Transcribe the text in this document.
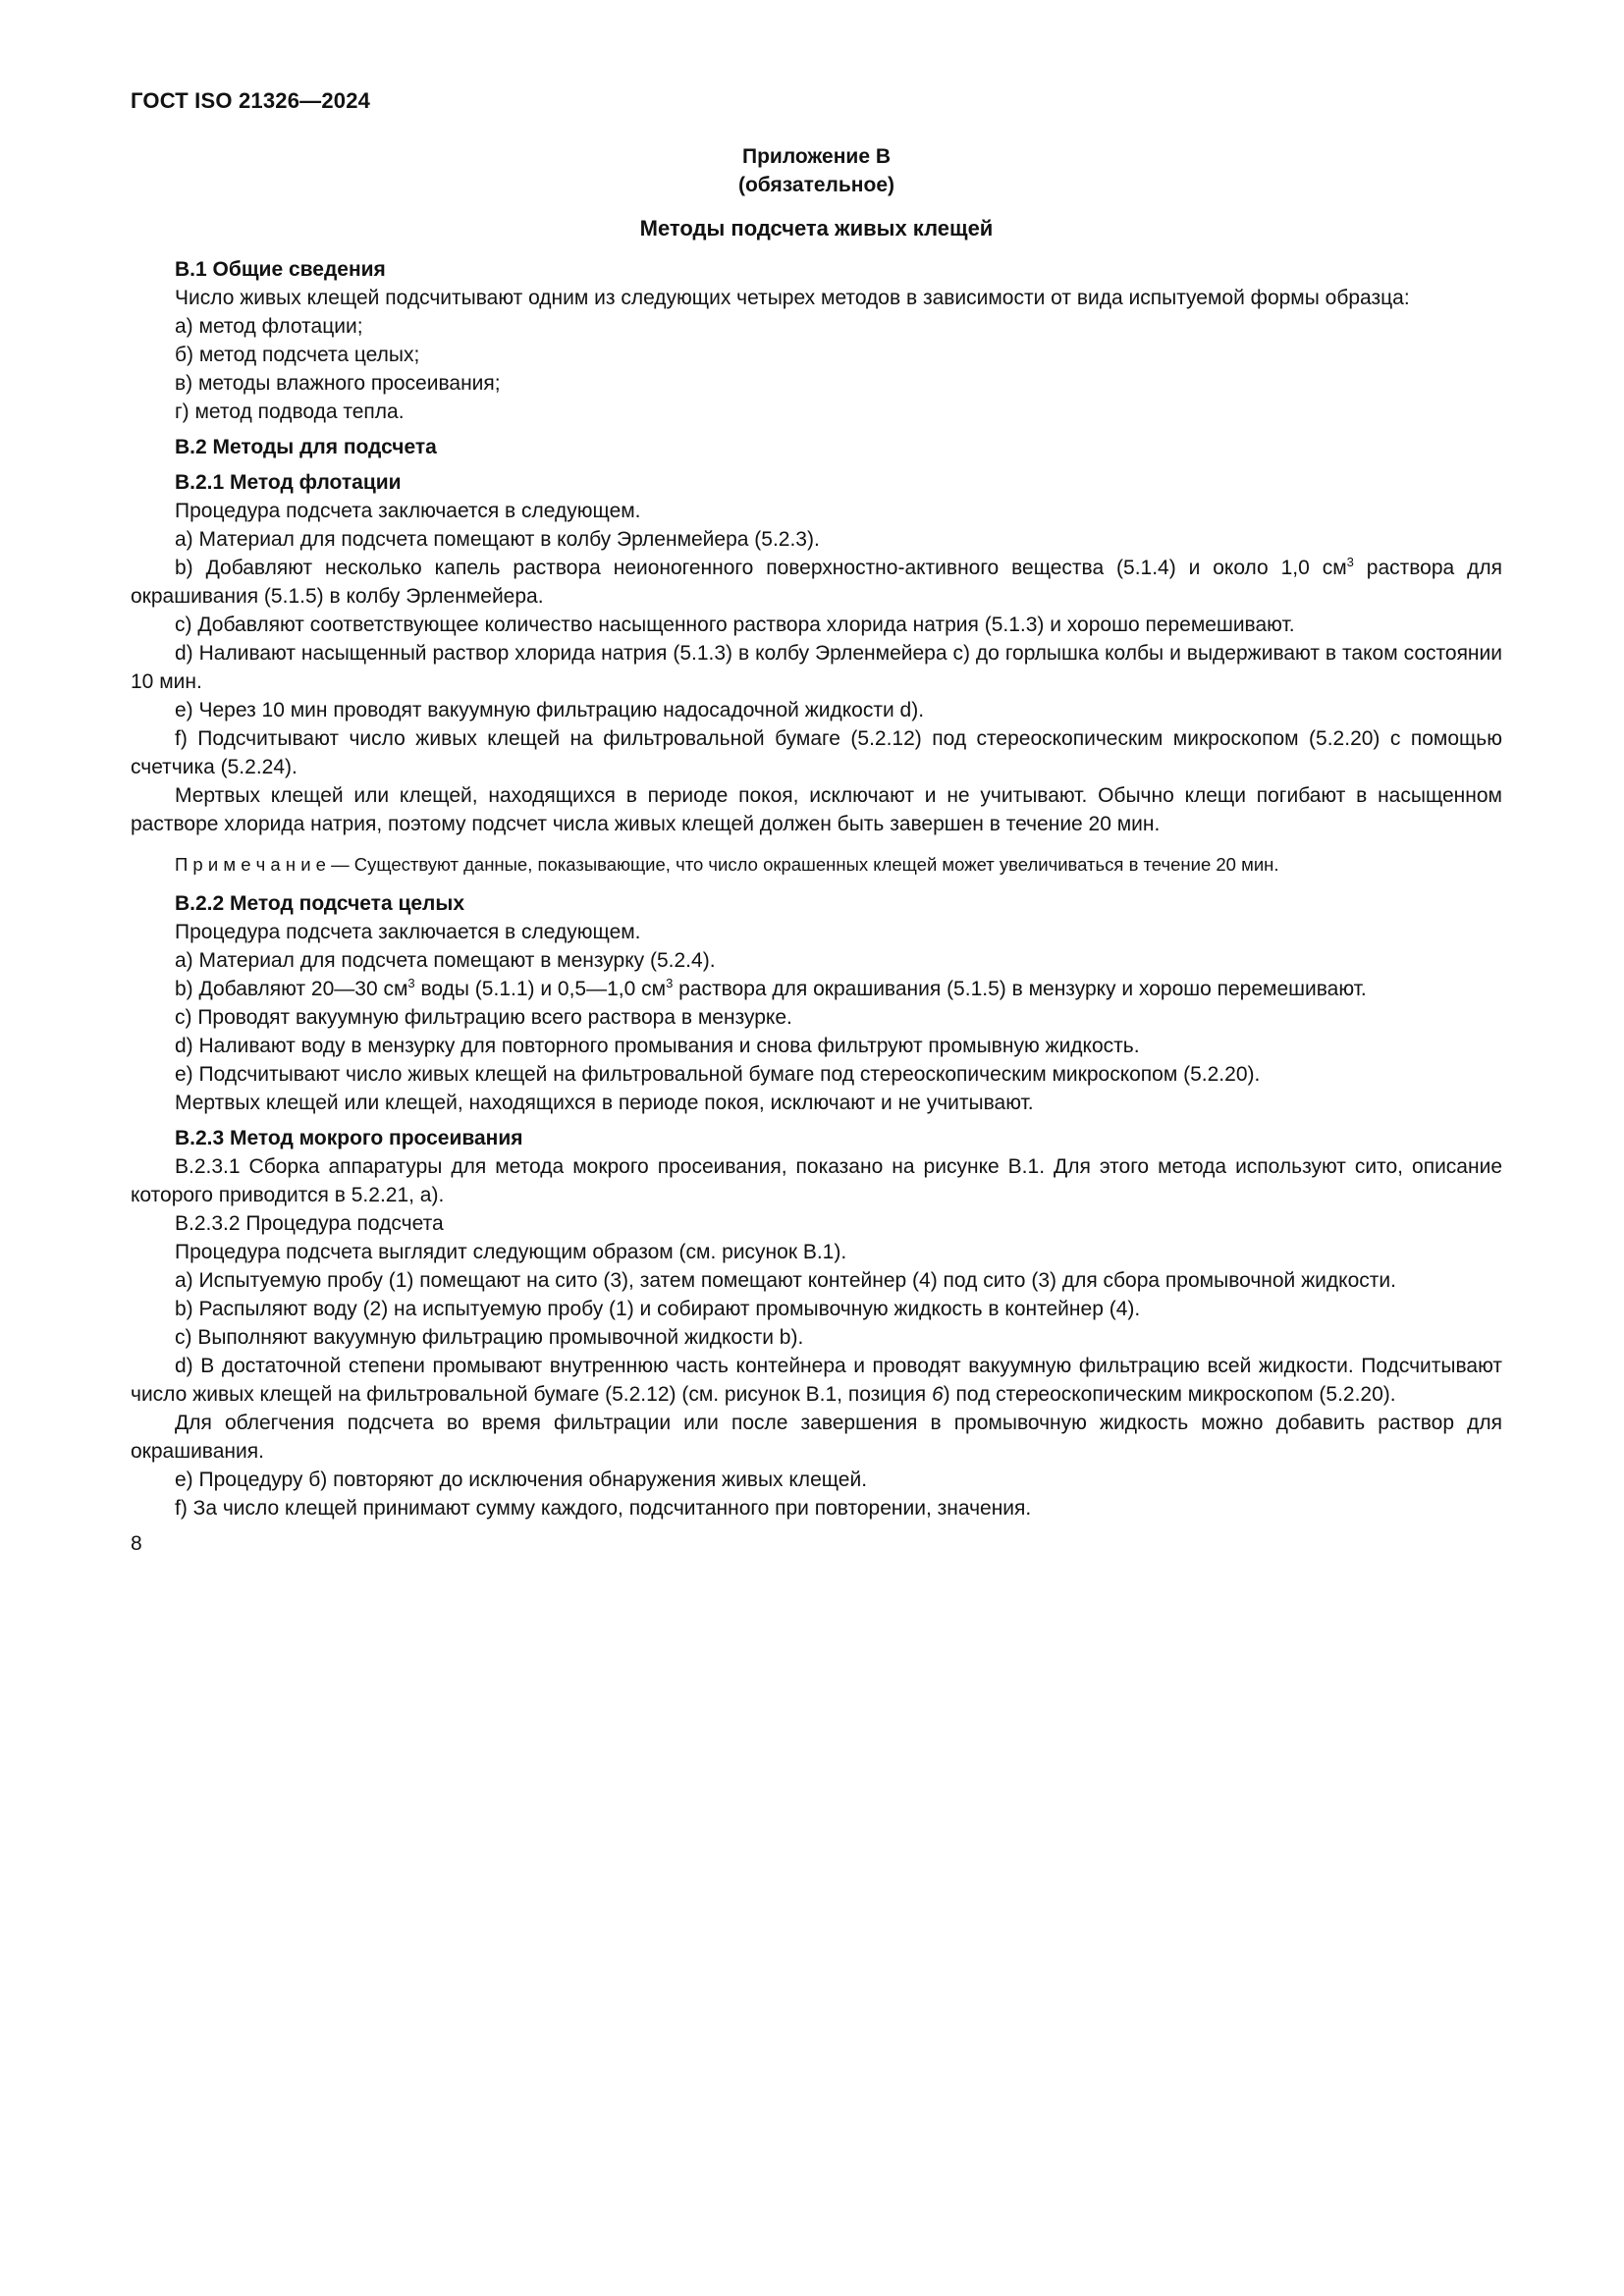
ГОСТ ISO 21326—2024
Приложение В
(обязательное)
Методы подсчета живых клещей

В.1 Общие сведения

Число живых клещей подсчитывают одним из следующих четырех методов в зависимости от вида испытуемой формы образца:

а) метод флотации;

б) метод подсчета целых;

в) методы влажного просеивания;

г) метод подвода тепла.

В.2 Методы для подсчета

В.2.1 Метод флотации

Процедура подсчета заключается в следующем.

а) Материал для подсчета помещают в колбу Эрленмейера (5.2.3).

b) Добавляют несколько капель раствора неионогенного поверхностно-активного вещества (5.1.4) и около 1,0 $см^3$ раствора для окрашивания (5.1.5) в колбу Эрленмейера.

с) Добавляют соответствующее количество насыщенного раствора хлорида натрия (5.1.3) и хорошо перемешивают.

d) Наливают насыщенный раствор хлорида натрия (5.1.3) в колбу Эрленмейера с) до горлышка колбы и выдерживают в таком состоянии 10 мин.

е) Через 10 мин проводят вакуумную фильтрацию надосадочной жидкости d).

f) Подсчитывают число живых клещей на фильтровальной бумаге (5.2.12) под стереоскопическим микроскопом (5.2.20) с помощью счетчика (5.2.24).

Мертвых клещей или клещей, находящихся в периоде покоя, исключают и не учитывают. Обычно клещи погибают в насыщенном растворе хлорида натрия, поэтому подсчет числа живых клещей должен быть завершен в течение 20 мин.

П р и м е ч а н и е — Существуют данные, показывающие, что число окрашенных клещей может увеличиваться в течение 20 мин.

В.2.2 Метод подсчета целых

Процедура подсчета заключается в следующем.

а) Материал для подсчета помещают в мензурку (5.2.4).

b) Добавляют 20—30 $см^3$ воды (5.1.1) и 0,5—1,0 $см^3$ раствора для окрашивания (5.1.5) в мензурку и хорошо перемешивают.

с) Проводят вакуумную фильтрацию всего раствора в мензурке.

d) Наливают воду в мензурку для повторного промывания и снова фильтруют промывную жидкость.

е) Подсчитывают число живых клещей на фильтровальной бумаге под стереоскопическим микроскопом (5.2.20).

Мертвых клещей или клещей, находящихся в периоде покоя, исключают и не учитывают.

В.2.3 Метод мокрого просеивания

В.2.3.1 Сборка аппаратуры для метода мокрого просеивания, показано на рисунке В.1. Для этого метода используют сито, описание которого приводится в 5.2.21, а).

В.2.3.2 Процедура подсчета

Процедура подсчета выглядит следующим образом (см. рисунок В.1).

а) Испытуемую пробу (1) помещают на сито (3), затем помещают контейнер (4) под сито (3) для сбора промывочной жидкости.

b) Распыляют воду (2) на испытуемую пробу (1) и собирают промывочную жидкость в контейнер (4).

с) Выполняют вакуумную фильтрацию промывочной жидкости b).

d) В достаточной степени промывают внутреннюю часть контейнера и проводят вакуумную фильтрацию всей жидкости. Подсчитывают число живых клещей на фильтровальной бумаге (5.2.12) (см. рисунок В.1, позиция 6) под стереоскопическим микроскопом (5.2.20).

Для облегчения подсчета во время фильтрации или после завершения в промывочную жидкость можно добавить раствор для окрашивания.

е) Процедуру б) повторяют до исключения обнаружения живых клещей.

f) За число клещей принимают сумму каждого, подсчитанного при повторении, значения.

8
